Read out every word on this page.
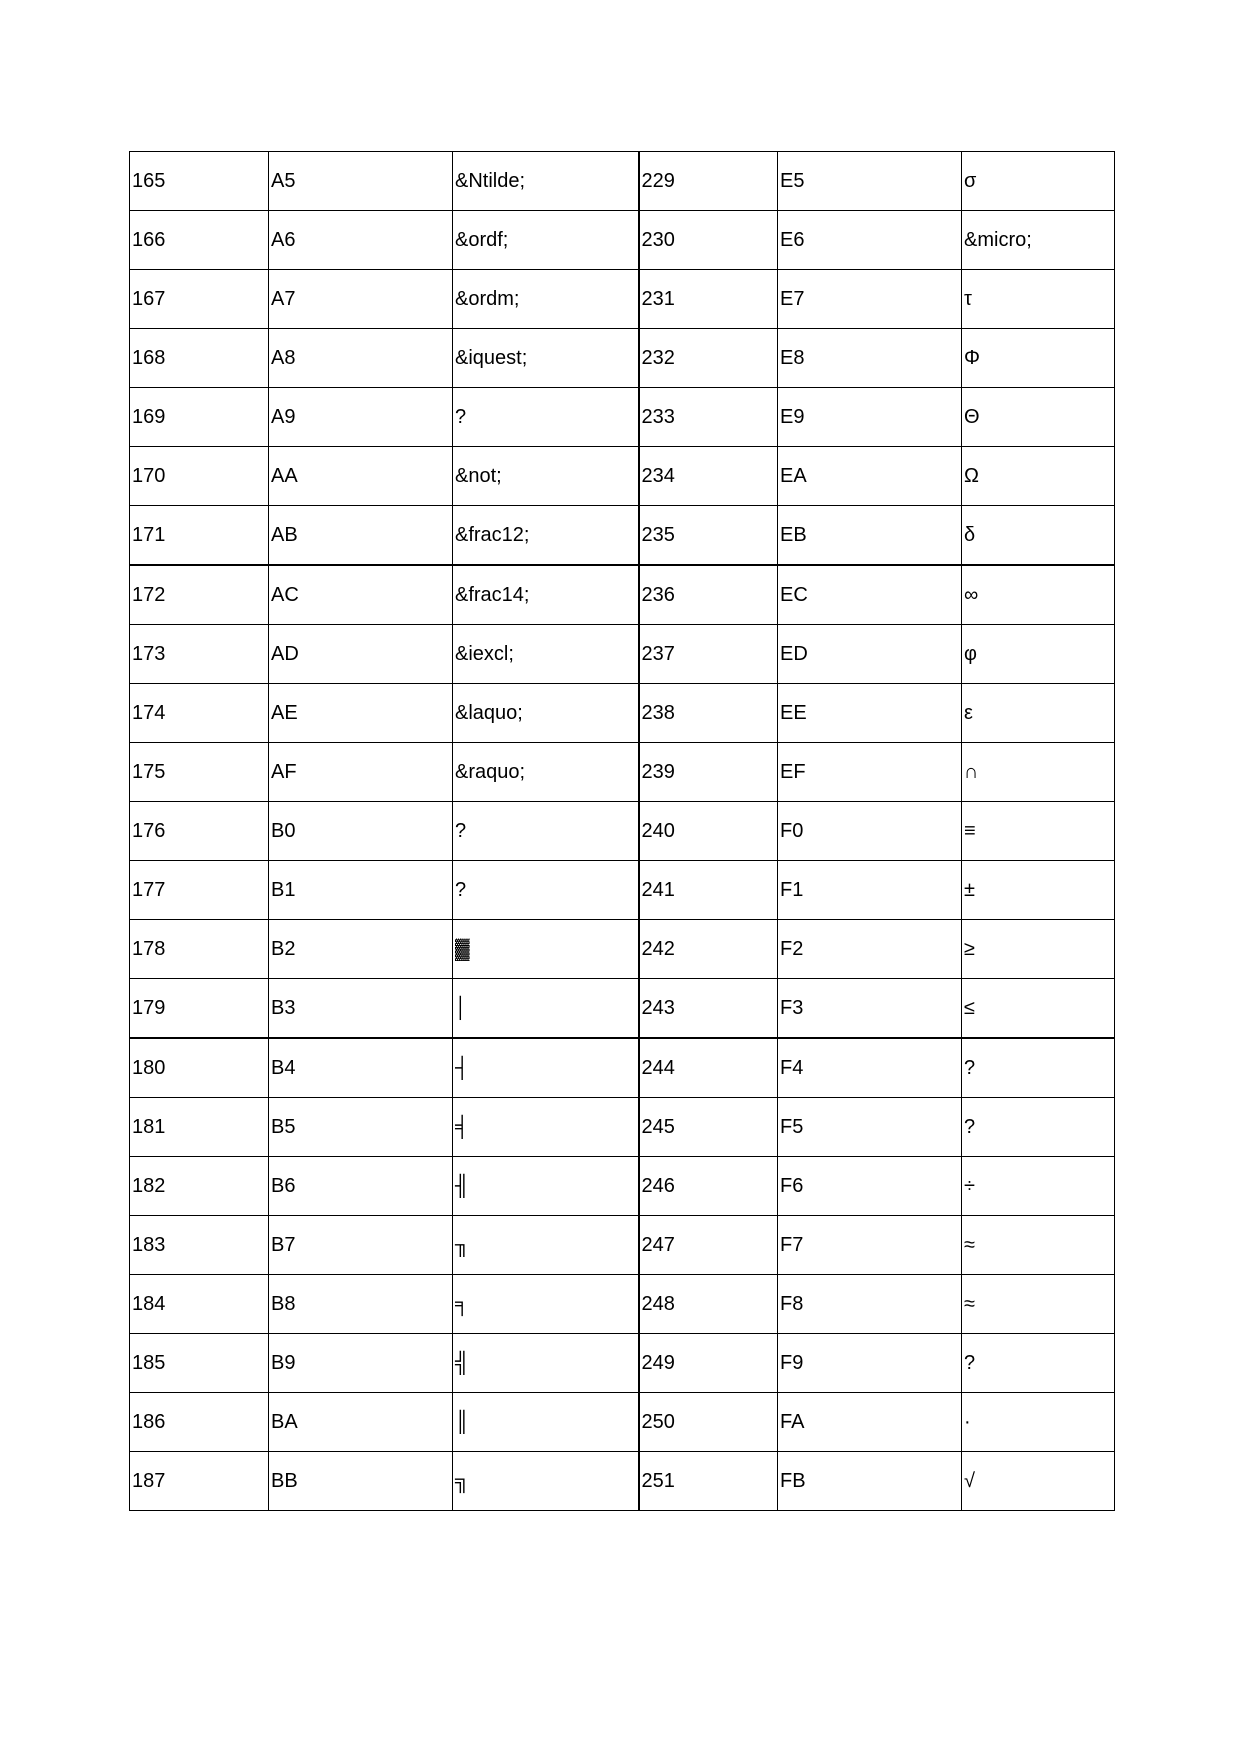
165	A5	&Ntilde;	229	E5	σ
166	A6	&ordf;	230	E6	&micro;
167	A7	&ordm;	231	E7	τ
168	A8	&iquest;	232	E8	Φ
169	A9	?	233	E9	Θ
170	AA	&not;	234	EA	Ω
171	AB	&frac12;	235	EB	δ
172	AC	&frac14;	236	EC	∞
173	AD	&iexcl;	237	ED	φ
174	AE	&laquo;	238	EE	ε
175	AF	&raquo;	239	EF	∩
176	B0	?	240	F0	≡
177	B1	?	241	F1	±
178	B2	▓	242	F2	≥
179	B3	│	243	F3	≤
180	B4	┤	244	F4	?
181	B5	╡	245	F5	?
182	B6	╢	246	F6	÷
183	B7	╖	247	F7	≈
184	B8	╕	248	F8	≈
185	B9	╣	249	F9	?
186	BA	║	250	FA	·
187	BB	╗	251	FB	√
